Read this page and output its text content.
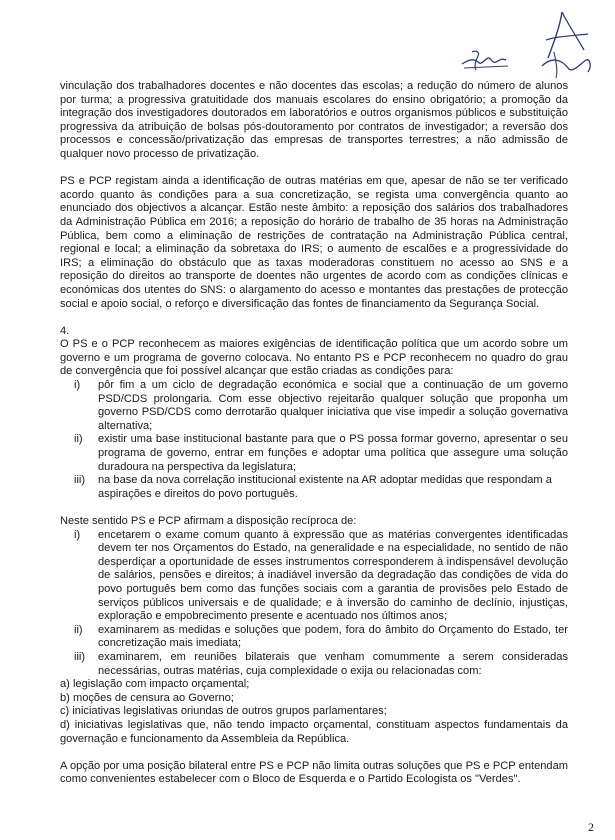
vinculação dos trabalhadores docentes e não docentes das escolas; a redução do número de alunos por turma; a progressiva gratuitidade dos manuais escolares do ensino obrigatório; a promoção da integração dos investigadores doutorados em laboratórios e outros organismos públicos e substituição progressiva da atribuição de bolsas pós-doutoramento por contratos de investigador; a reversão dos processos e concessão/privatização das empresas de transportes terrestres; a não admissão de qualquer novo processo de privatização.

PS e PCP registam ainda a identificação de outras matérias em que, apesar de não se ter verificado acordo quanto às condições para a sua concretização, se regista uma convergência quanto ao enunciado dos objectivos a alcançar. Estão neste âmbito: a reposição dos salários dos trabalhadores da Administração Pública em 2016; a reposição do horário de trabalho de 35 horas na Administração Pública, bem como a eliminação de restrições de contratação na Administração Pública central, regional e local; a eliminação da sobretaxa do IRS; o aumento de escalões e a progressividade do IRS; a eliminação do obstáculo que as taxas moderadoras constituem no acesso ao SNS e a reposição do direitos ao transporte de doentes não urgentes de acordo com as condições clínicas e económicas dos utentes do SNS: o alargamento do acesso e montantes das prestações de protecção social e apoio social, o reforço e diversificação das fontes de financiamento da Segurança Social.

4.

O PS e o PCP reconhecem as maiores exigências de identificação política que um acordo sobre um governo e um programa de governo colocava. No entanto PS e PCP reconhecem no quadro do grau de convergência que foi possível alcançar que estão criadas as condições para:

i)	pôr fim a um ciclo de degradação económica e social que a continuação de um governo PSD/CDS prolongaria. Com esse objectivo rejeitarão qualquer solução que proponha um governo PSD/CDS como derrotarão qualquer iniciativa que vise impedir a solução governativa alternativa;
ii)	existir uma base institucional bastante para que o PS possa formar governo, apresentar o seu programa de governo, entrar em funções e adoptar uma política que assegure uma solução duradoura na perspectiva da legislatura;
iii)	na base da nova correlação institucional existente na AR adoptar medidas que respondam a aspirações e direitos do povo português.

Neste sentido PS e PCP afirmam a disposição recíproca de:

i)	encetarem o exame comum quanto à expressão que as matérias convergentes identificadas devem ter nos Orçamentos do Estado, na generalidade e na especialidade, no sentido de não desperdiçar a oportunidade de esses instrumentos corresponderem à indispensável devolução de salários, pensões e direitos; à inadiável inversão da degradação das condições de vida do povo português bem como das funções sociais com a garantia de provisões pelo Estado de serviços públicos universais e de qualidade; e à inversão do caminho de declínio, injustiças, exploração e empobrecimento presente e acentuado nos últimos anos;
ii)	examinarem as medidas e soluções que podem, fora do âmbito do Orçamento do Estado, ter concretização mais imediata;
iii)	examinarem, em reuniões bilaterais que venham comummente a serem consideradas necessárias, outras matérias, cuja complexidade o exija ou relacionadas com:

a) legislação com impacto orçamental;

b) moções de censura ao Governo;

c) iniciativas legislativas oriundas de outros grupos parlamentares;

d) iniciativas legislativas que, não tendo impacto orçamental, constituam aspectos fundamentais da governação e funcionamento da Assembleia da República.

A opção por uma posição bilateral entre PS e PCP não limita outras soluções que PS e PCP entendam como convenientes estabelecer com o Bloco de Esquerda e o Partido Ecologista os "Verdes".

2
